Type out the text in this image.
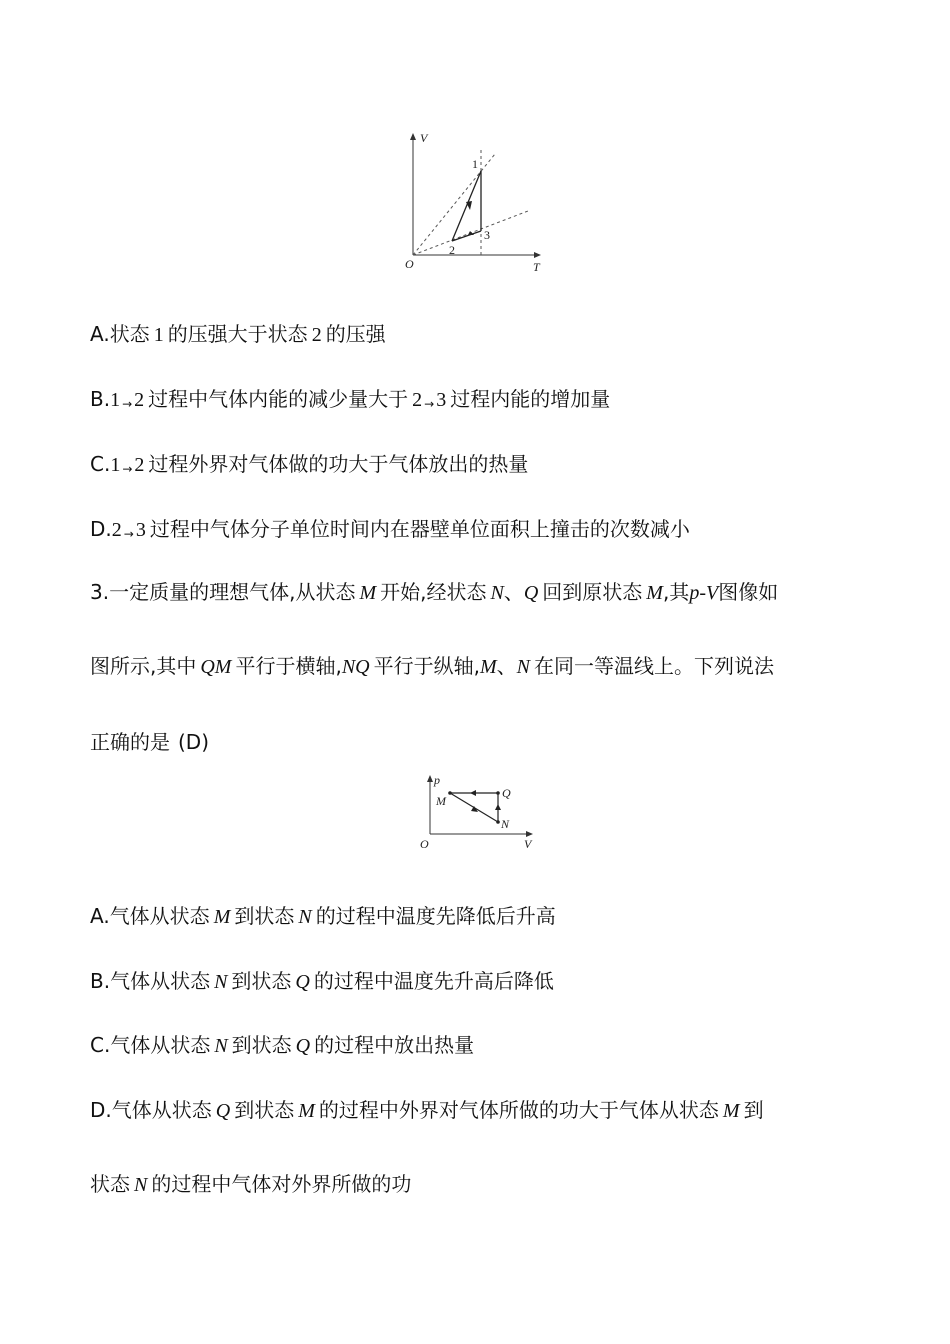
V
T
O
1
2
3
A.状态 1 的压强大于状态 2 的压强
B.1 → 2 过程中气体内能的减少量大于 2 → 3 过程内能的增加量
C.1 → 2 过程外界对气体做的功大于气体放出的热量
D.2 → 3 过程中气体分子单位时间内在器壁单位面积上撞击的次数减小
3.一定质量的理想气体,从状态 M 开始,经状态 N、Q 回到原状态 M,其p-V图像如
图所示,其中 QM 平行于横轴,NQ 平行于纵轴,M、N 在同一等温线上。下列说法
正确的是 (D)
p
V
O
M
Q
N
A.气体从状态 M 到状态 N 的过程中温度先降低后升高
B.气体从状态 N 到状态 Q 的过程中温度先升高后降低
C.气体从状态 N 到状态 Q 的过程中放出热量
D.气体从状态 Q 到状态 M 的过程中外界对气体所做的功大于气体从状态 M 到
状态 N 的过程中气体对外界所做的功
